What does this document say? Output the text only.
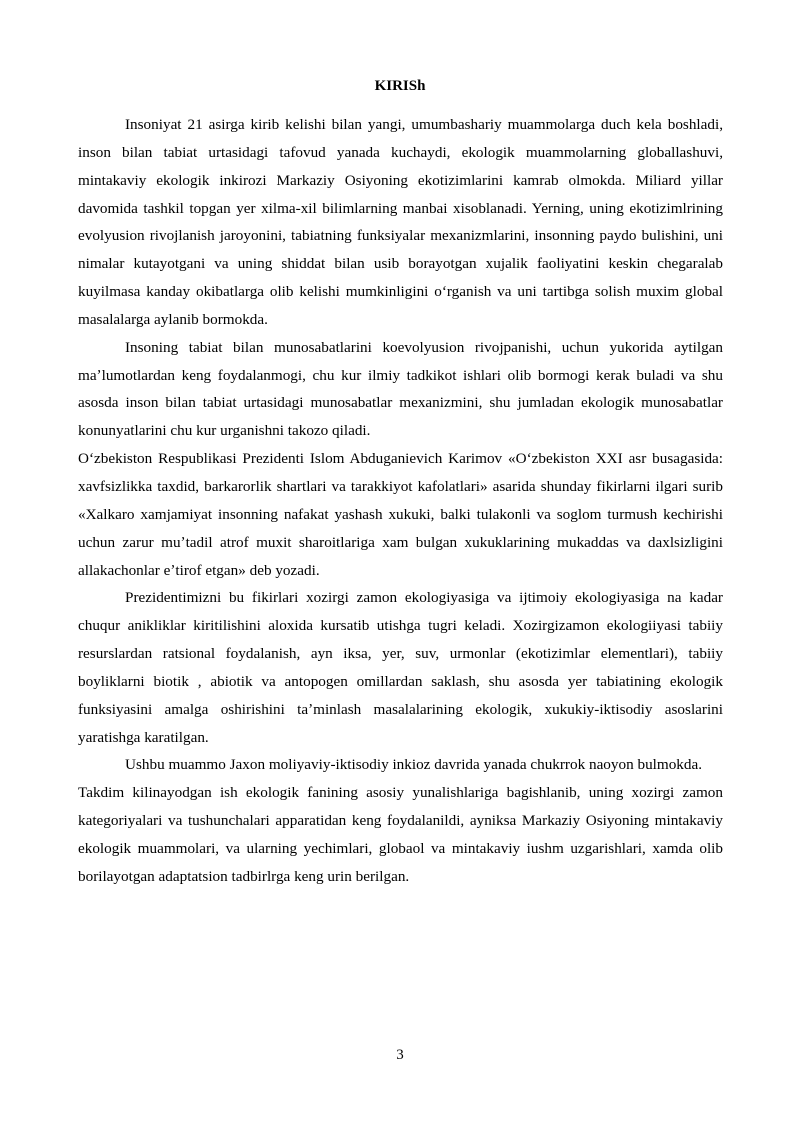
KIRISh

Insoniyat 21 asirga kirib kelishi bilan yangi, umumbashariy muammolarga duch kela boshladi, inson bilan tabiat urtasidagi tafovud yanada kuchaydi, ekologik muammolarning globallashuvi, mintakaviy ekologik inkirozi Markaziy Osiyoning ekotizimlarini kamrab olmokda. Miliard yillar davomida tashkil topgan yer xilma-xil bilimlarning manbai xisoblanadi. Yerning, uning ekotizimlrining evolyusion rivojlanish jaroyonini, tabiatning funksiyalar mexanizmlarini, insonning paydo bulishini, uni nimalar kutayotgani va uning shiddat bilan usib borayotgan xujalik faoliyatini keskin chegaralab kuyilmasa kanday okibatlarga olib kelishi mumkinligini oʻrganish va uni tartibga solish muxim global masalalarga aylanib bormokda.

Insoning tabiat bilan munosabatlarini koevolyusion rivojpanishi, uchun yukorida aytilgan maʼlumotlardan keng foydalanmogi, chu kur ilmiy tadkikot ishlari olib bormogi kerak buladi va shu asosda inson bilan tabiat urtasidagi munosabatlar mexanizmini, shu jumladan ekologik munosabatlar konunyatlarini chu kur urganishni takozo qiladi.

Oʻzbekiston Respublikasi Prezidenti Islom Abduganievich Karimov «Oʻzbekiston XXI asr busagasida: xavfsizlikka taxdid, barkarorlik shartlari va tarakkiyot kafolatlari» asarida shunday fikirlarni ilgari surib «Xalkaro xamjamiyat insonning nafakat yashash xukuki, balki tulakonli va soglom turmush kechirishi uchun zarur muʼtadil atrof muxit sharoitlariga xam bulgan xukuklarining mukaddas va daxlsizligini allakachonlar eʼtirof etgan» deb yozadi.

Prezidentimizni bu fikirlari xozirgi zamon ekologiyasiga va ijtimoiy ekologiyasiga na kadar chuqur anikliklar kiritilishini aloxida kursatib utishga tugri keladi. Xozirgizamon ekologiiyasi tabiiy resurslardan ratsional foydalanish, ayn iksa, yer, suv, urmonlar (ekotizimlar elementlari), tabiiy boyliklarni biotik , abiotik va antopogen omillardan saklash, shu asosda yer tabiatining ekologik funksiyasini amalga oshirishini taʼminlash masalalarining ekologik, xukukiy-iktisodiy asoslarini yaratishga karatilgan.

Ushbu muammo Jaxon moliyaviy-iktisodiy inkioz davrida yanada chukrrok naoyon bulmokda.

Takdim kilinayodgan ish ekologik fanining asosiy yunalishlariga bagishlanib, uning xozirgi zamon kategoriyalari va tushunchalari apparatidan keng foydalanildi, ayniksa Markaziy Osiyoning mintakaviy ekologik muammolari, va ularning yechimlari, globaol va mintakaviy iushm uzgarishlari, xamda olib borilayotgan adaptatsion tadbirlrga keng urin berilgan.

3
